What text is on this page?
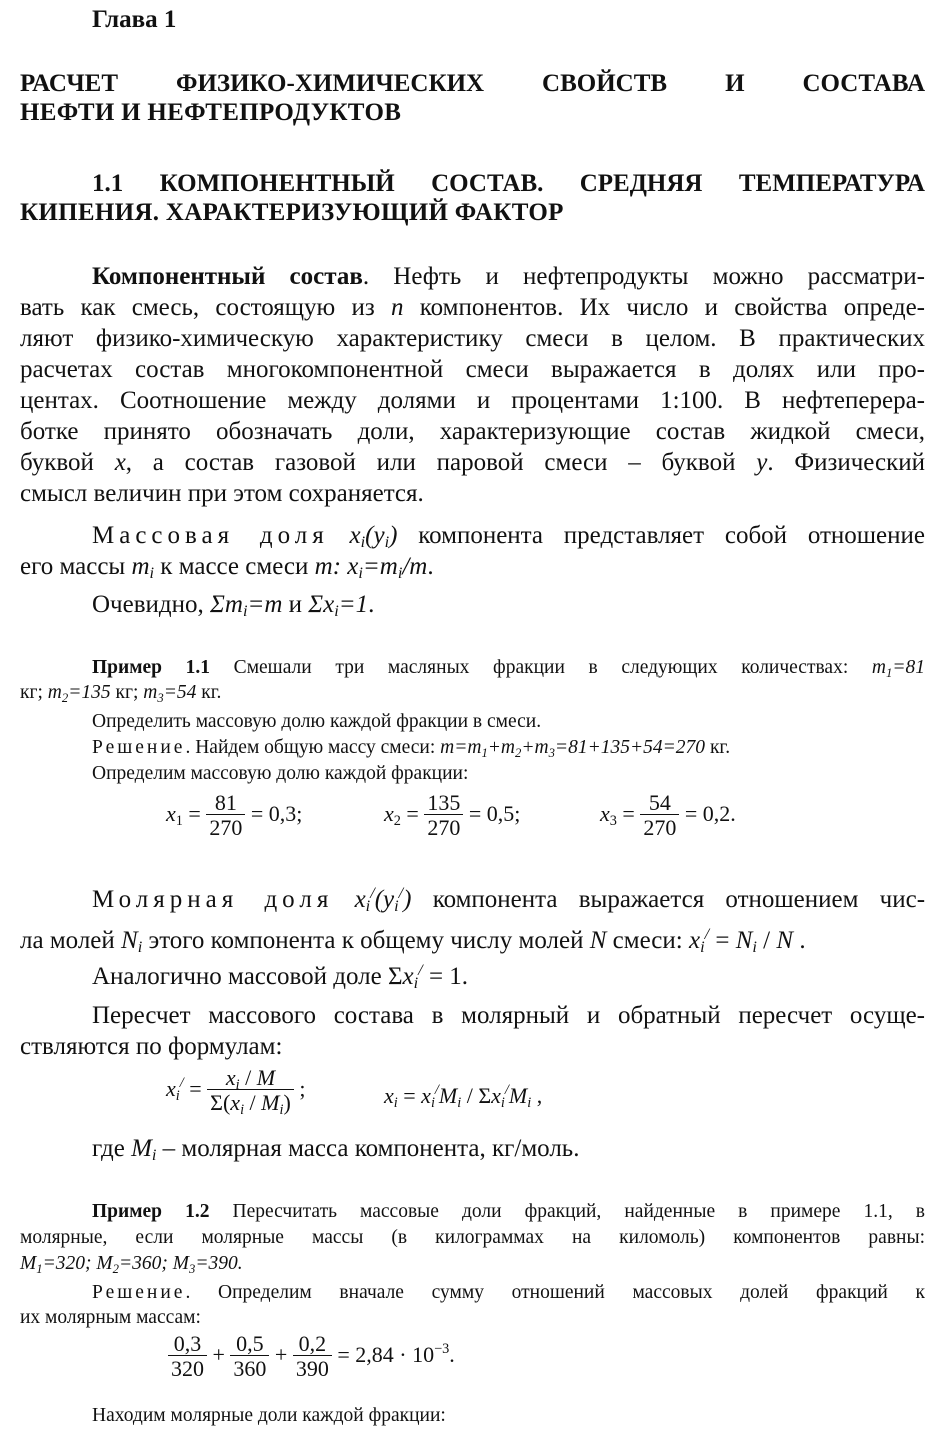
Глава 1
РАСЧЕТ ФИЗИКО-ХИМИЧЕСКИХ СВОЙСТВ И СОСТАВА
НЕФТИ И НЕФТЕПРОДУКТОВ
1.1 КОМПОНЕНТНЫЙ СОСТАВ. СРЕДНЯЯ ТЕМПЕРАТУРА
КИПЕНИЯ. ХАРАКТЕРИЗУЮЩИЙ ФАКТОР
Компонентный состав. Нефть и нефтепродукты можно рассматри-
вать как смесь, состоящую из n компонентов. Их число и свойства опреде-
ляют физико-химическую характеристику смеси в целом. В практических
расчетах состав многокомпонентной смеси выражается в долях или про-
центах. Соотношение между долями и процентами 1:100. В нефтеперера-
ботке принято обозначать доли, характеризующие состав жидкой смеси,
буквой x, а состав газовой или паровой смеси – буквой y. Физический
смысл величин при этом сохраняется.
Массовая доля $x_i(y_i)$ компонента представляет собой отношение
его массы $m_i$ к массе смеси m: $x_i=m_i/m$.
Очевидно, $\Sigma m_i=m$ и $\Sigma x_i=1$.
Пример 1.1 Смешали три масляных фракции в следующих количествах: $m_1=81$
кг; $m_2=135$ кг; $m_3=54$ кг.
Определить массовую долю каждой фракции в смеси.
Решение. Найдем общую массу смеси: $m=m_1+m_2+m_3=81+135+54=270$ кг.
Определим массовую долю каждой фракции:
$x_1 = \frac{81}{270} = 0,3$;	$x_2 = \frac{135}{270} = 0,5$;	$x_3 = \frac{54}{270} = 0,2$.
Молярная доля $x_i^/(y_i^/)$ компонента выражается отношением чис-
ла молей $N_i$ этого компонента к общему числу молей N смеси: $x_i^/ = N_i / N$ .
Аналогично массовой доле $\Sigma x_i^/ = 1$.
Пересчет массового состава в молярный и обратный пересчет осуще-
ствляются по формулам:
$x_i^/ = \frac{x_i / M}{\Sigma(x_i / M_i)}$ ;	$x_i = x_i^/M_i / \Sigma x_i^/M_i$ ,
где $M_i$ – молярная масса компонента, кг/моль.
Пример 1.2 Пересчитать массовые доли фракций, найденные в примере 1.1, в
молярные, если молярные массы (в килограммах на киломоль) компонентов равны:
$M_1=320$; $M_2=360$; $M_3=390$.
Решение. Определим вначале сумму отношений массовых долей фракций к
их молярным массам:
$\frac{0,3}{320} + \frac{0,5}{360} + \frac{0,2}{390} = 2,84 \cdot 10^{-3}$.
Находим молярные доли каждой фракции:
